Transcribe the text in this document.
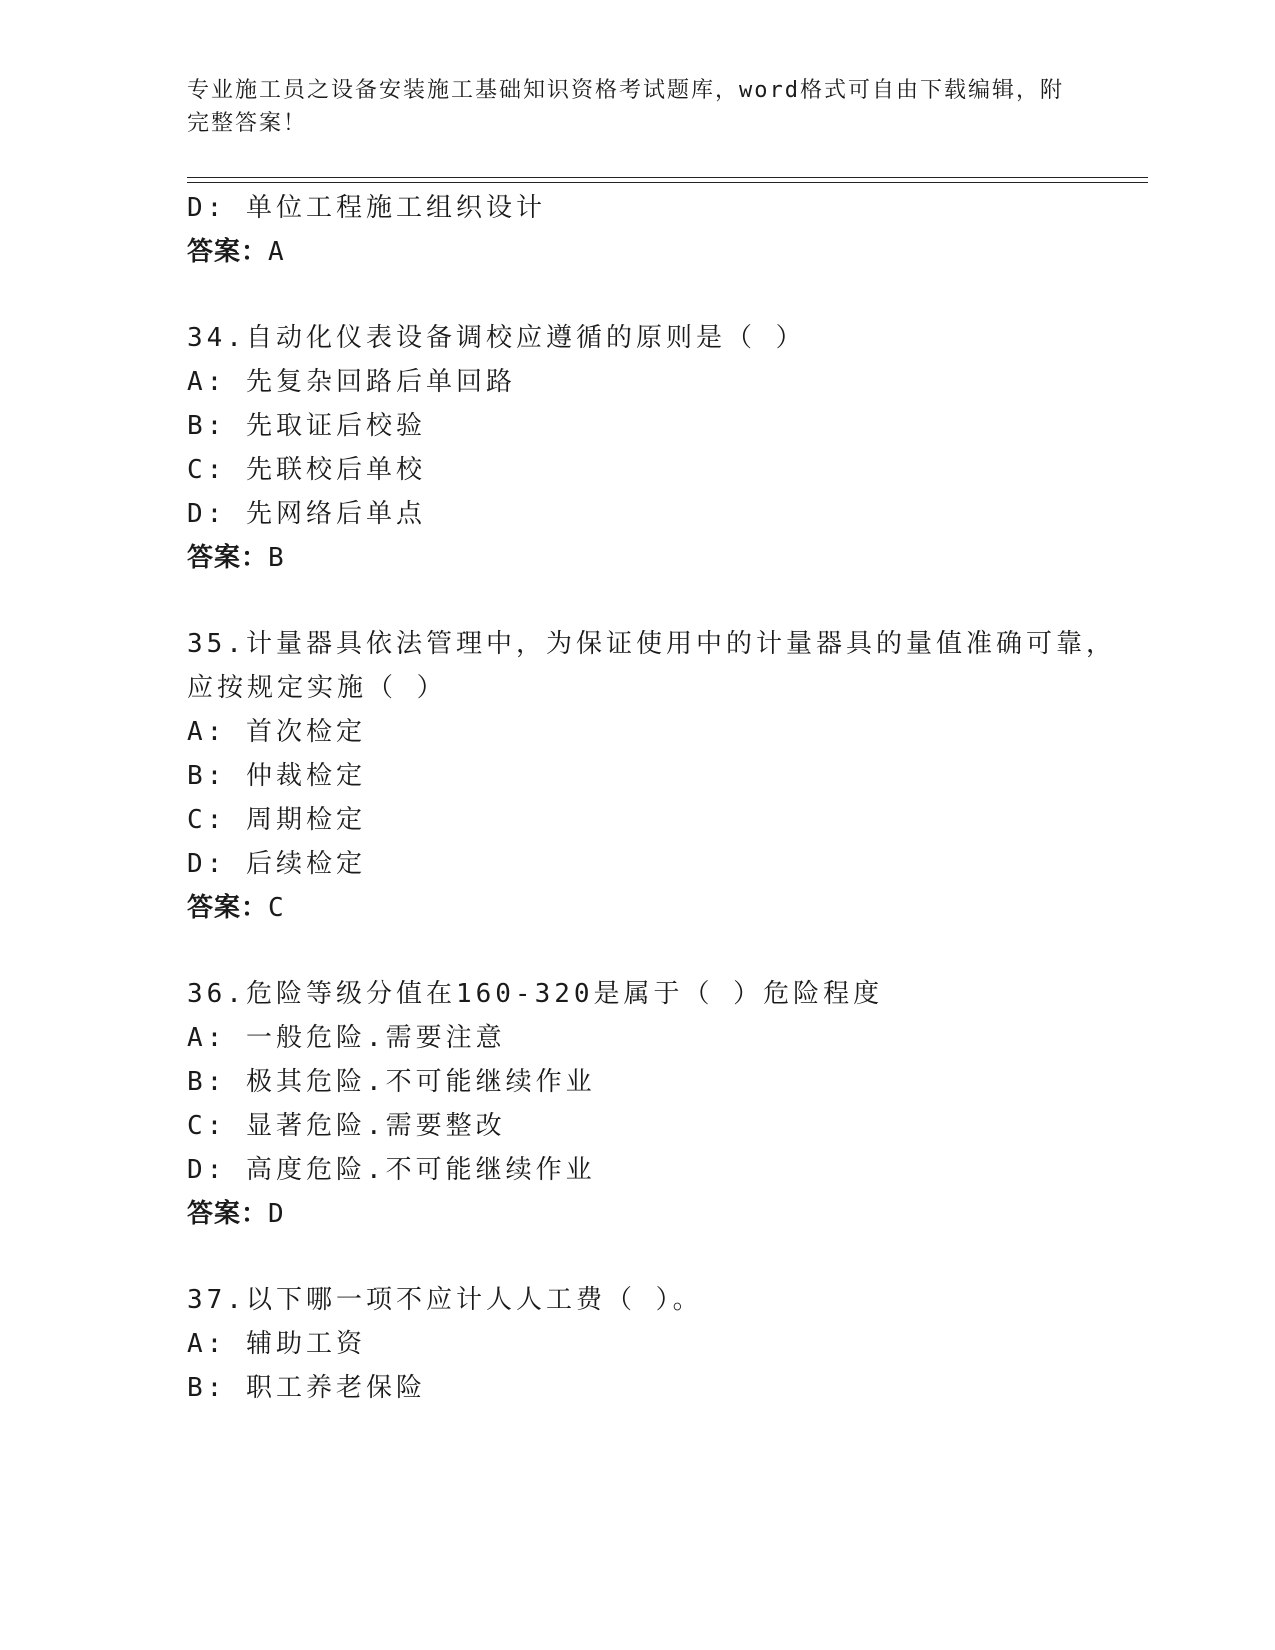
专业施工员之设备安装施工基础知识资格考试题库，word格式可自由下载编辑，附完整答案！
D: 单位工程施工组织设计
答案：A
34.自动化仪表设备调校应遵循的原则是（ ）
A: 先复杂回路后单回路
B: 先取证后校验
C: 先联校后单校
D: 先网络后单点
答案：B
35.计量器具依法管理中，为保证使用中的计量器具的量值准确可靠，
应按规定实施（ ）
A: 首次检定
B: 仲裁检定
C: 周期检定
D: 后续检定
答案：C
36.危险等级分值在160-320是属于（ ）危险程度
A: 一般危险.需要注意
B: 极其危险.不可能继续作业
C: 显著危险.需要整改
D: 高度危险.不可能继续作业
答案：D
37.以下哪一项不应计人人工费（ ）。
A: 辅助工资
B: 职工养老保险
